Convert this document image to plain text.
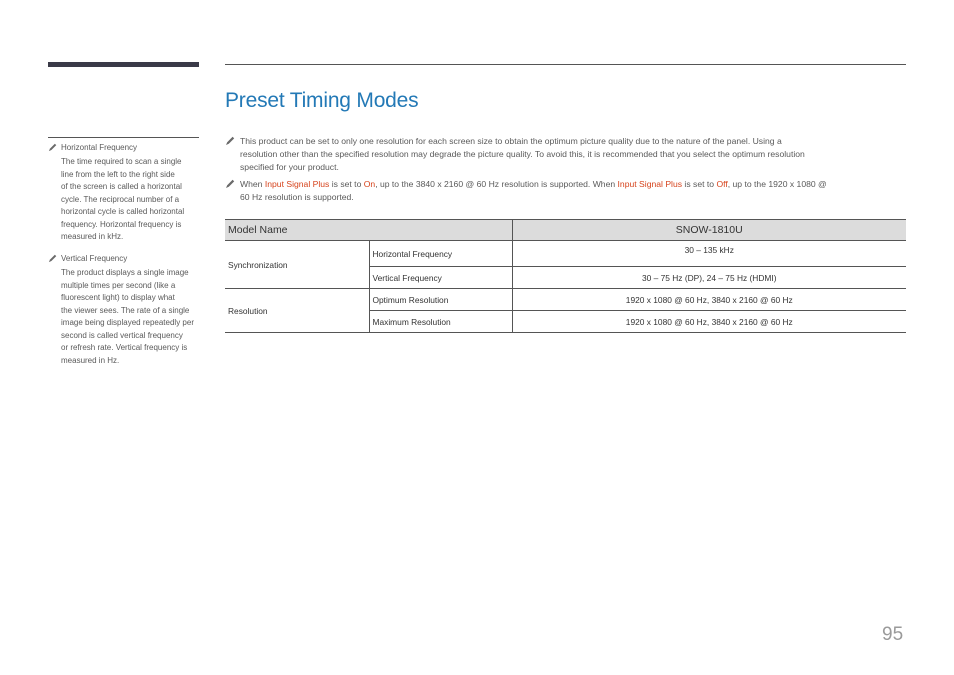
Horizontal Frequency
The time required to scan a single
line from the left to the right side
of the screen is called a horizontal
cycle. The reciprocal number of a
horizontal cycle is called horizontal
frequency. Horizontal frequency is
measured in kHz.
Vertical Frequency
The product displays a single image
multiple times per second (like a
fluorescent light) to display what
the viewer sees. The rate of a single
image being displayed repeatedly per
second is called vertical frequency
or refresh rate. Vertical frequency is
measured in Hz.
Preset Timing Modes
This product can be set to only one resolution for each screen size to obtain the optimum picture quality due to the nature of the panel. Using a
resolution other than the specified resolution may degrade the picture quality. To avoid this, it is recommended that you select the optimum resolution
specified for your product.
When Input Signal Plus is set to On, up to the 3840 x 2160 @ 60 Hz resolution is supported. When Input Signal Plus is set to Off, up to the 1920 x 1080 @
60 Hz resolution is supported.
Model Name		SNOW-1810U
Synchronization	Horizontal Frequency	30 – 135 kHz
	Vertical Frequency	30 – 75 Hz (DP), 24 – 75 Hz (HDMI)
Resolution	Optimum Resolution	1920 x 1080 @ 60 Hz, 3840 x 2160 @ 60 Hz
	Maximum Resolution	1920 x 1080 @ 60 Hz, 3840 x 2160 @ 60 Hz
95
